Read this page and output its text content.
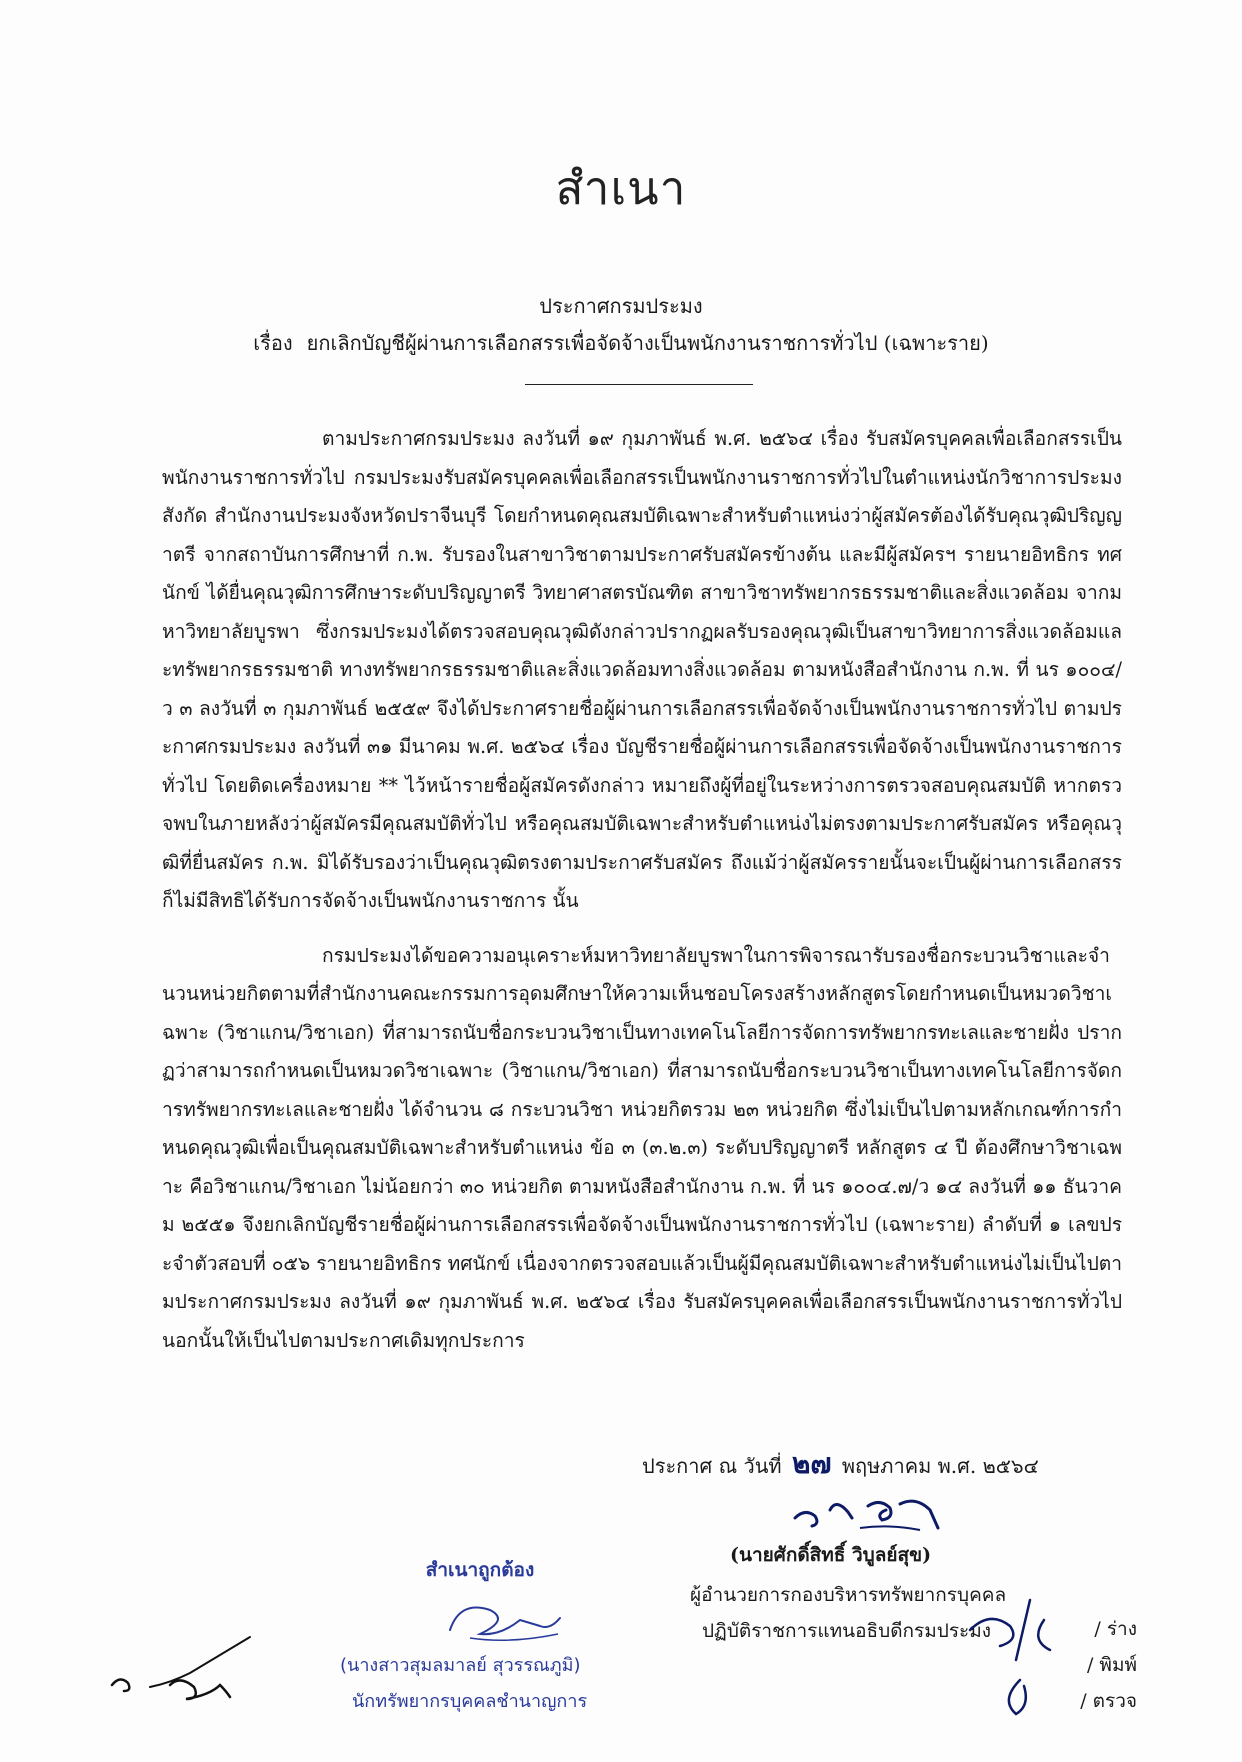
สำเนา
ประกาศกรมประมง
เรื่อง ยกเลิกบัญชีผู้ผ่านการเลือกสรรเพื่อจัดจ้างเป็นพนักงานราชการทั่วไป (เฉพาะราย)

ตามประกาศกรมประมง ลงวันที่ ๑๙ กุมภาพันธ์ พ.ศ. ๒๕๖๔ เรื่อง รับสมัครบุคคลเพื่อเลือกสรรเป็นพนักงานราชการทั่วไป กรมประมงรับสมัครบุคคลเพื่อเลือกสรรเป็นพนักงานราชการทั่วไปในตำแหน่งนักวิชาการประมง สังกัด สำนักงานประมงจังหวัดปราจีนบุรี โดยกำหนดคุณสมบัติเฉพาะสำหรับตำแหน่งว่าผู้สมัครต้องได้รับคุณวุฒิปริญญาตรี จากสถาบันการศึกษาที่ ก.พ. รับรองในสาขาวิชาตามประกาศรับสมัครข้างต้น และมีผู้สมัครฯ รายนายอิทธิกร ทศนักข์ ได้ยื่นคุณวุฒิการศึกษาระดับปริญญาตรี วิทยาศาสตรบัณฑิต สาขาวิชาทรัพยากรธรรมชาติและสิ่งแวดล้อม จากมหาวิทยาลัยบูรพา ซึ่งกรมประมงได้ตรวจสอบคุณวุฒิดังกล่าวปรากฏผลรับรองคุณวุฒิเป็นสาขาวิทยาการสิ่งแวดล้อมและทรัพยากรธรรมชาติ ทางทรัพยากรธรรมชาติและสิ่งแวดล้อมทางสิ่งแวดล้อม ตามหนังสือสำนักงาน ก.พ. ที่ นร ๑๐๐๔/ว ๓ ลงวันที่ ๓ กุมภาพันธ์ ๒๕๕๙ จึงได้ประกาศรายชื่อผู้ผ่านการเลือกสรรเพื่อจัดจ้างเป็นพนักงานราชการทั่วไป ตามประกาศกรมประมง ลงวันที่ ๓๑ มีนาคม พ.ศ. ๒๕๖๔ เรื่อง บัญชีรายชื่อผู้ผ่านการเลือกสรรเพื่อจัดจ้างเป็นพนักงานราชการทั่วไป โดยติดเครื่องหมาย ** ไว้หน้ารายชื่อผู้สมัครดังกล่าว หมายถึงผู้ที่อยู่ในระหว่างการตรวจสอบคุณสมบัติ หากตรวจพบในภายหลังว่าผู้สมัครมีคุณสมบัติทั่วไป หรือคุณสมบัติเฉพาะสำหรับตำแหน่งไม่ตรงตามประกาศรับสมัคร หรือคุณวุฒิที่ยื่นสมัคร ก.พ. มิได้รับรองว่าเป็นคุณวุฒิตรงตามประกาศรับสมัคร ถึงแม้ว่าผู้สมัครรายนั้นจะเป็นผู้ผ่านการเลือกสรรก็ไม่มีสิทธิได้รับการจัดจ้างเป็นพนักงานราชการ นั้น

กรมประมงได้ขอความอนุเคราะห์มหาวิทยาลัยบูรพาในการพิจารณารับรองชื่อกระบวนวิชาและจำนวนหน่วยกิตตามที่สำนักงานคณะกรรมการอุดมศึกษาให้ความเห็นชอบโครงสร้างหลักสูตรโดยกำหนดเป็นหมวดวิชาเฉพาะ (วิชาแกน/วิชาเอก) ที่สามารถนับชื่อกระบวนวิชาเป็นทางเทคโนโลยีการจัดการทรัพยากรทะเลและชายฝั่ง ปรากฏว่าสามารถกำหนดเป็นหมวดวิชาเฉพาะ (วิชาแกน/วิชาเอก) ที่สามารถนับชื่อกระบวนวิชาเป็นทางเทคโนโลยีการจัดการทรัพยากรทะเลและชายฝั่ง ได้จำนวน ๘ กระบวนวิชา หน่วยกิตรวม ๒๓ หน่วยกิต ซึ่งไม่เป็นไปตามหลักเกณฑ์การกำหนดคุณวุฒิเพื่อเป็นคุณสมบัติเฉพาะสำหรับตำแหน่ง ข้อ ๓ (๓.๒.๓) ระดับปริญญาตรี หลักสูตร ๔ ปี ต้องศึกษาวิชาเฉพาะ คือวิชาแกน/วิชาเอก ไม่น้อยกว่า ๓๐ หน่วยกิต ตามหนังสือสำนักงาน ก.พ. ที่ นร ๑๐๐๔.๗/ว ๑๔ ลงวันที่ ๑๑ ธันวาคม ๒๕๕๑ จึงยกเลิกบัญชีรายชื่อผู้ผ่านการเลือกสรรเพื่อจัดจ้างเป็นพนักงานราชการทั่วไป (เฉพาะราย) ลำดับที่ ๑ เลขประจำตัวสอบที่ ๐๕๖ รายนายอิทธิกร ทศนักข์ เนื่องจากตรวจสอบแล้วเป็นผู้มีคุณสมบัติเฉพาะสำหรับตำแหน่งไม่เป็นไปตามประกาศกรมประมง ลงวันที่ ๑๙ กุมภาพันธ์ พ.ศ. ๒๕๖๔ เรื่อง รับสมัครบุคคลเพื่อเลือกสรรเป็นพนักงานราชการทั่วไป นอกนั้นให้เป็นไปตามประกาศเดิมทุกประการ

ประกาศ ณ วันที่ ๒๗ พฤษภาคม พ.ศ. ๒๕๖๔
(นายศักดิ์สิทธิ์ วิบูลย์สุข)
ผู้อำนวยการกองบริหารทรัพยากรบุคคล
ปฏิบัติราชการแทนอธิบดีกรมประมง	/ ร่าง
/ พิมพ์
/ ตรวจ
สำเนาถูกต้อง
(นางสาวสุมลมาลย์ สุวรรณภูมิ)
นักทรัพยากรบุคคลชำนาญการ
